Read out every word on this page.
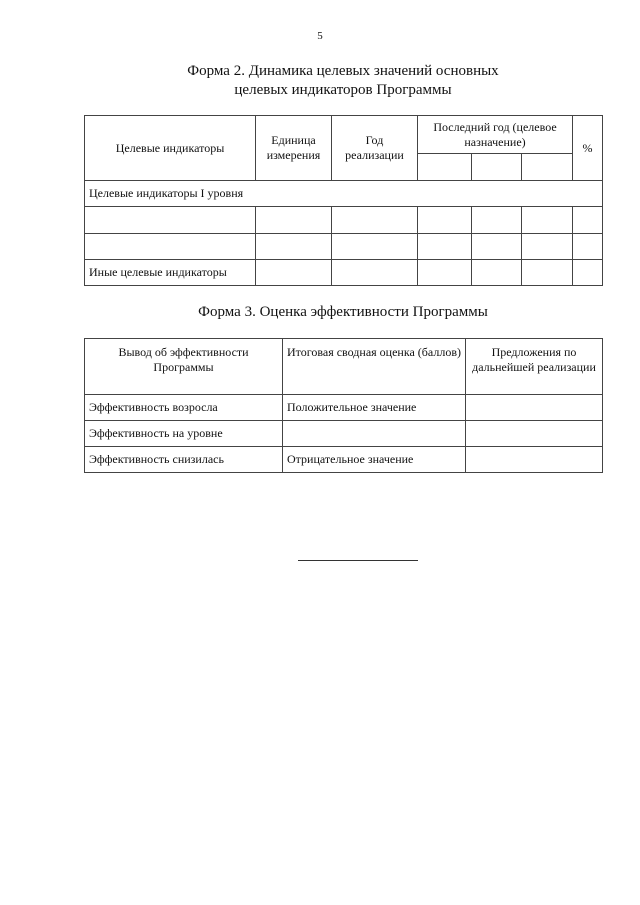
5
Форма 2. Динамика целевых значений основных
целевых индикаторов Программы
Целевые индикаторы	Единица измерения	Год реализации	Последний год (целевое назначение)			%

Целевые индикаторы I уровня						

Иные целевые индикаторы						
Форма 3. Оценка эффективности Программы
Вывод об эффективности Программы	Итоговая сводная оценка (баллов)	Предложения по дальнейшей реализации
Эффективность возросла	Положительное значение	
Эффективность на уровне		
Эффективность снизилась	Отрицательное значение	
